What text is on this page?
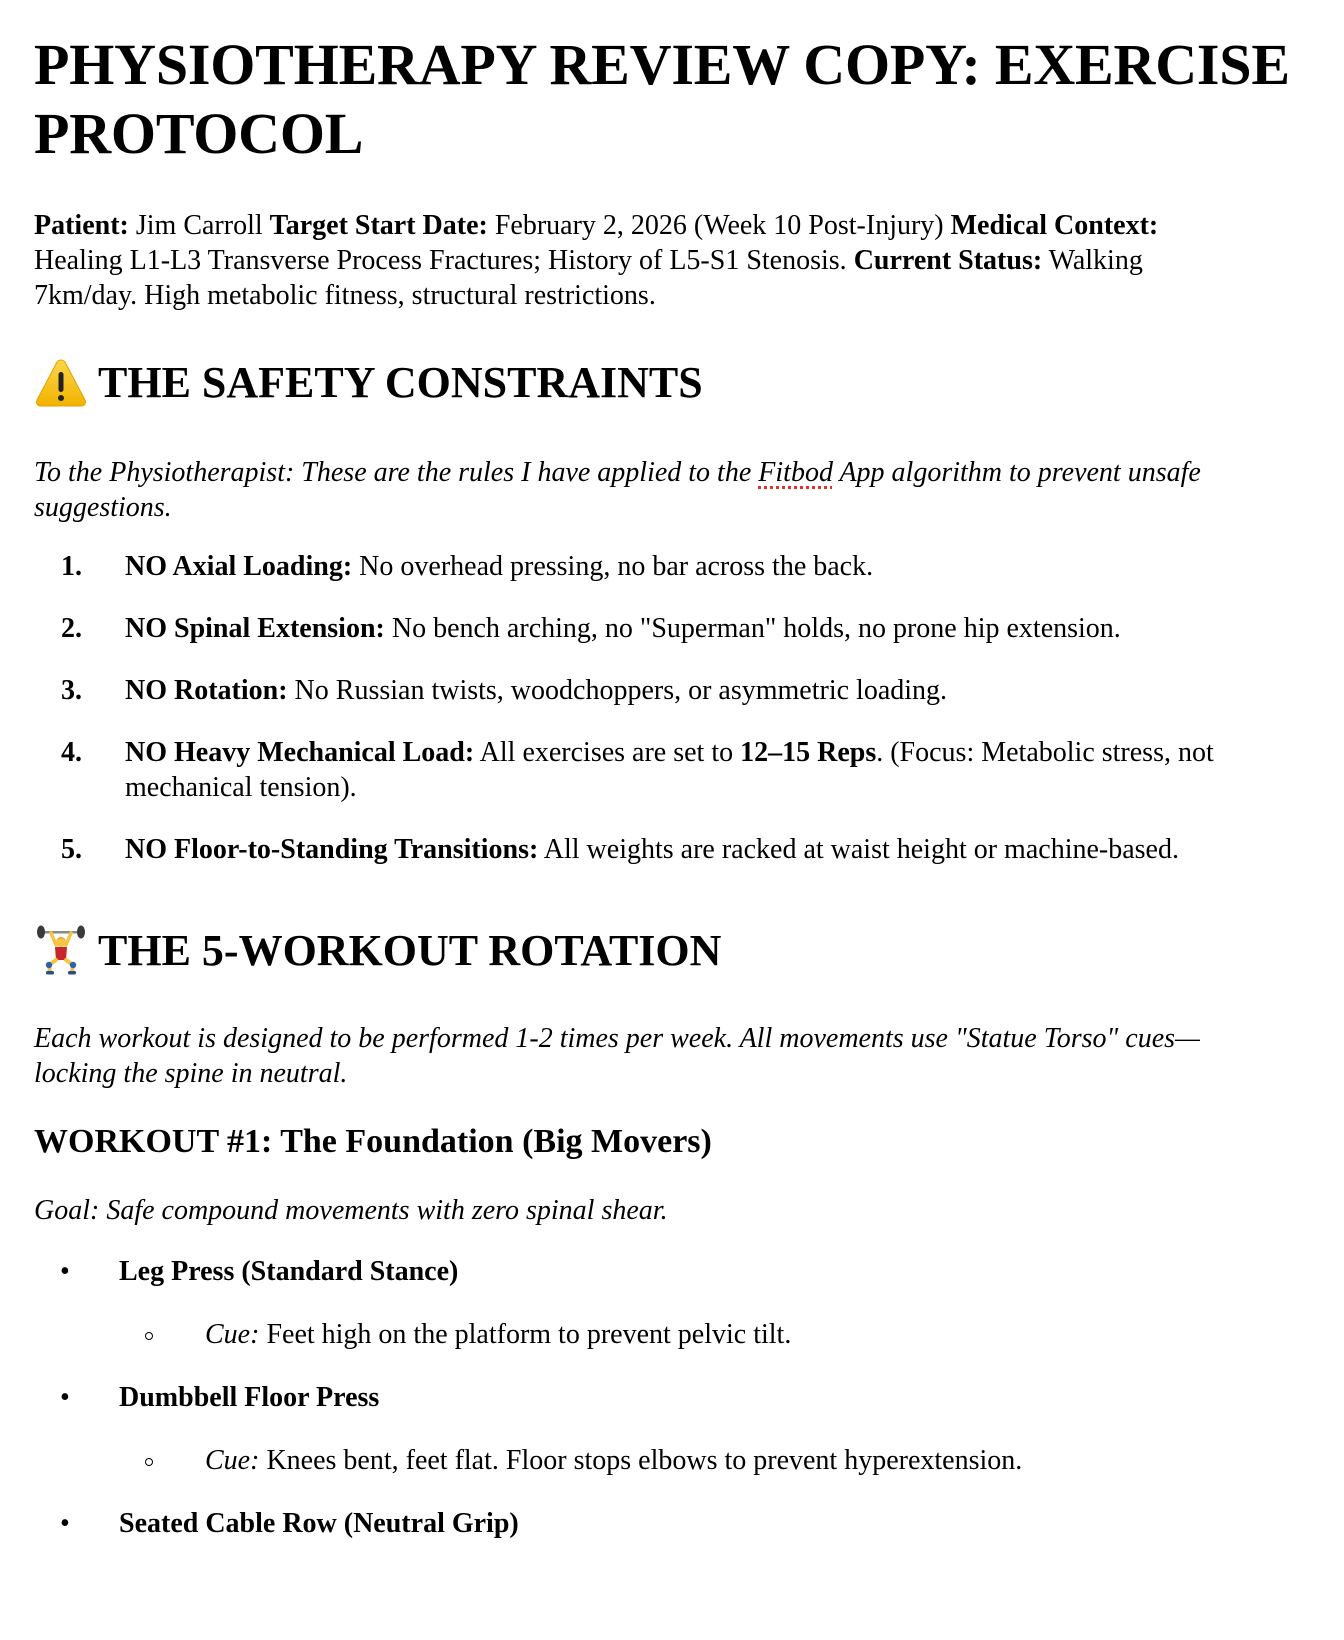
PHYSIOTHERAPY REVIEW COPY: EXERCISE PROTOCOL

Patient: Jim Carroll Target Start Date: February 2, 2026 (Week 10 Post-Injury) Medical Context: Healing L1-L3 Transverse Process Fractures; History of L5-S1 Stenosis. Current Status: Walking 7km/day. High metabolic fitness, structural restrictions.

THE SAFETY CONSTRAINTS

To the Physiotherapist: These are the rules I have applied to the Fitbod App algorithm to prevent unsafe suggestions.

1. NO Axial Loading: No overhead pressing, no bar across the back.
2. NO Spinal Extension: No bench arching, no "Superman" holds, no prone hip extension.
3. NO Rotation: No Russian twists, woodchoppers, or asymmetric loading.
4. NO Heavy Mechanical Load: All exercises are set to 12–15 Reps. (Focus: Metabolic stress, not mechanical tension).
5. NO Floor-to-Standing Transitions: All weights are racked at waist height or machine-based.
THE 5-WORKOUT ROTATION

Each workout is designed to be performed 1-2 times per week. All movements use "Statue Torso" cues—locking the spine in neutral.

WORKOUT #1: The Foundation (Big Movers)

Goal: Safe compound movements with zero spinal shear.

• Leg Press (Standard Stance)
Cue: Feet high on the platform to prevent pelvic tilt.
• Dumbbell Floor Press
Cue: Knees bent, feet flat. Floor stops elbows to prevent hyperextension.
• Seated Cable Row (Neutral Grip)
